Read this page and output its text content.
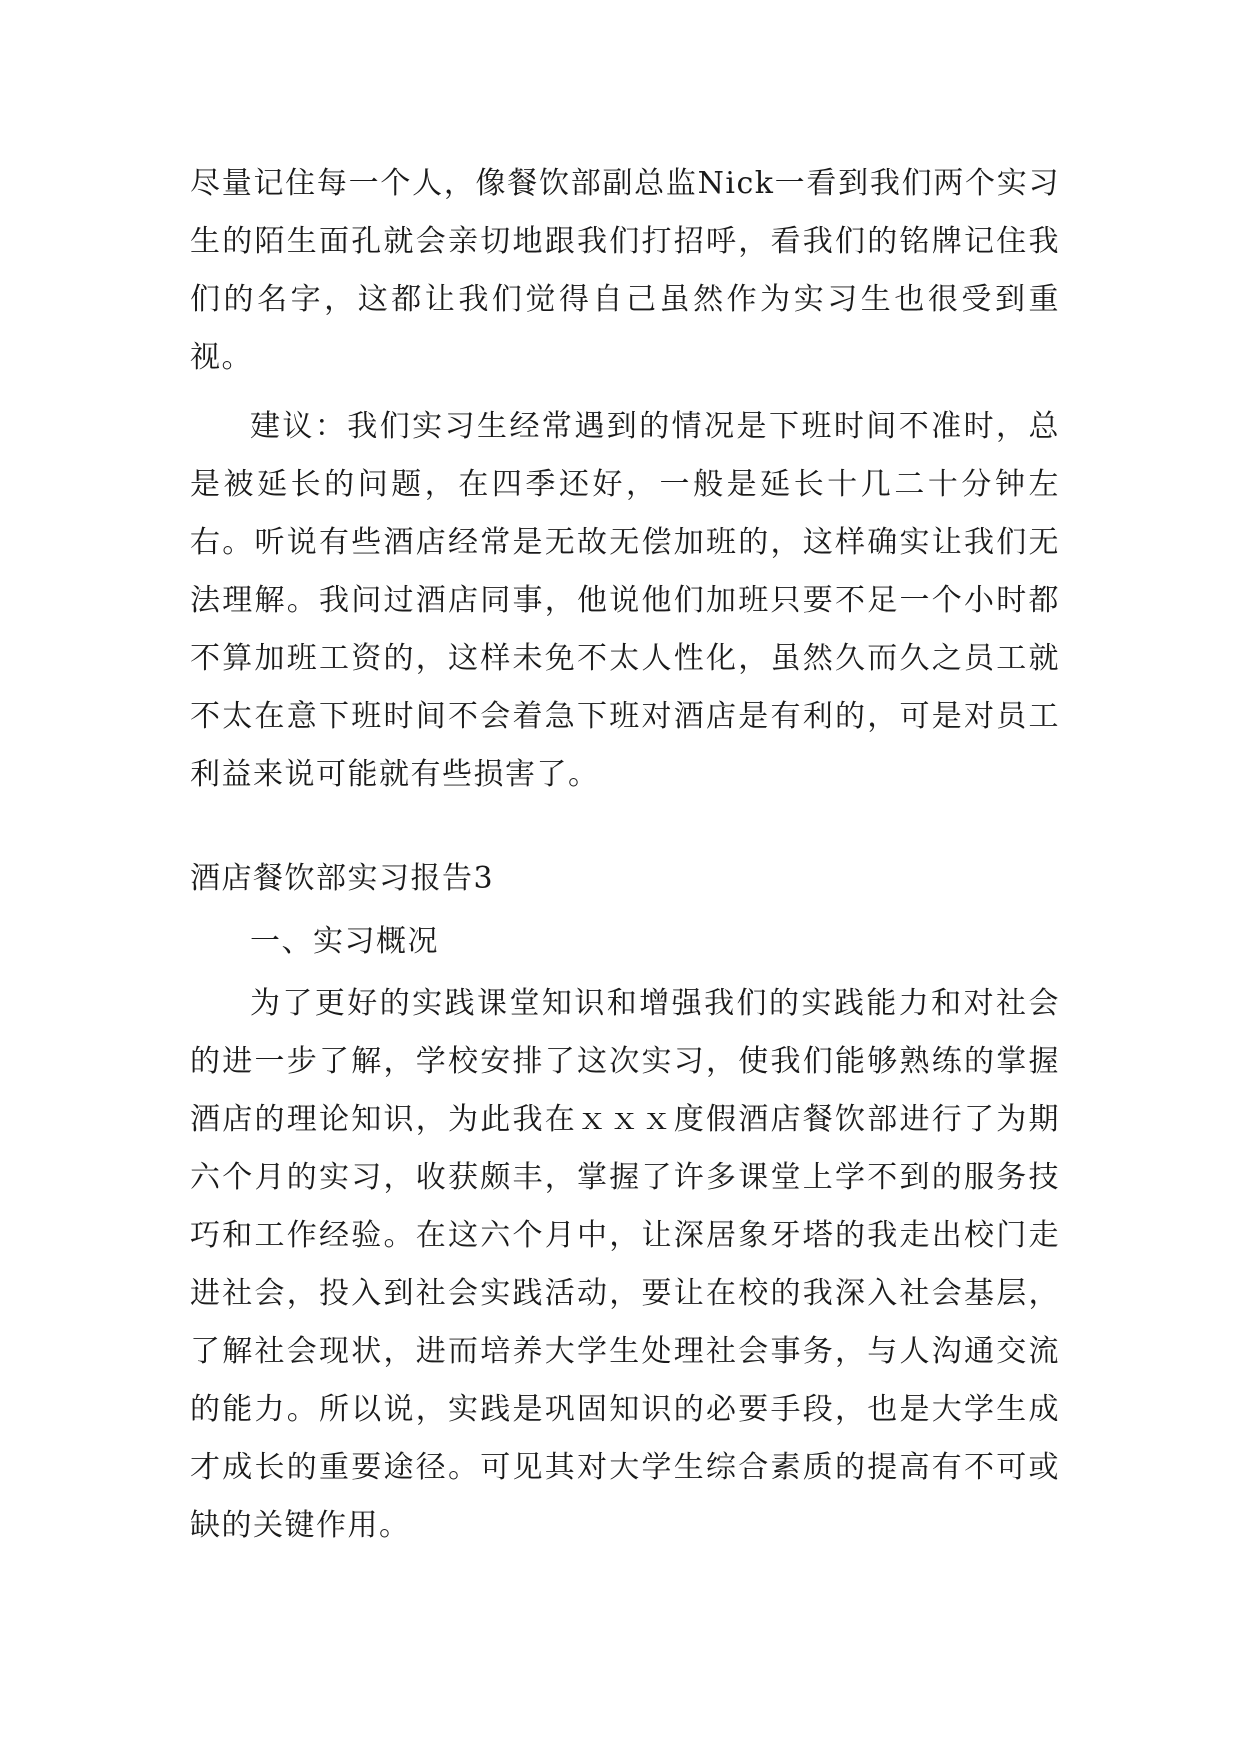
尽量记住每一个人，像餐饮部副总监Nick一看到我们两个实习生的陌生面孔就会亲切地跟我们打招呼，看我们的铭牌记住我们的名字，这都让我们觉得自己虽然作为实习生也很受到重视。

建议：我们实习生经常遇到的情况是下班时间不准时，总是被延长的问题，在四季还好，一般是延长十几二十分钟左右。听说有些酒店经常是无故无偿加班的，这样确实让我们无法理解。我问过酒店同事，他说他们加班只要不足一个小时都不算加班工资的，这样未免不太人性化，虽然久而久之员工就不太在意下班时间不会着急下班对酒店是有利的，可是对员工利益来说可能就有些损害了。

酒店餐饮部实习报告3
一、实习概况

为了更好的实践课堂知识和增强我们的实践能力和对社会的进一步了解，学校安排了这次实习，使我们能够熟练的掌握酒店的理论知识，为此我在ｘｘｘ度假酒店餐饮部进行了为期六个月的实习，收获颇丰，掌握了许多课堂上学不到的服务技巧和工作经验。在这六个月中，让深居象牙塔的我走出校门走进社会，投入到社会实践活动，要让在校的我深入社会基层，了解社会现状，进而培养大学生处理社会事务，与人沟通交流的能力。所以说，实践是巩固知识的必要手段，也是大学生成才成长的重要途径。可见其对大学生综合素质的提高有不可或缺的关键作用。
